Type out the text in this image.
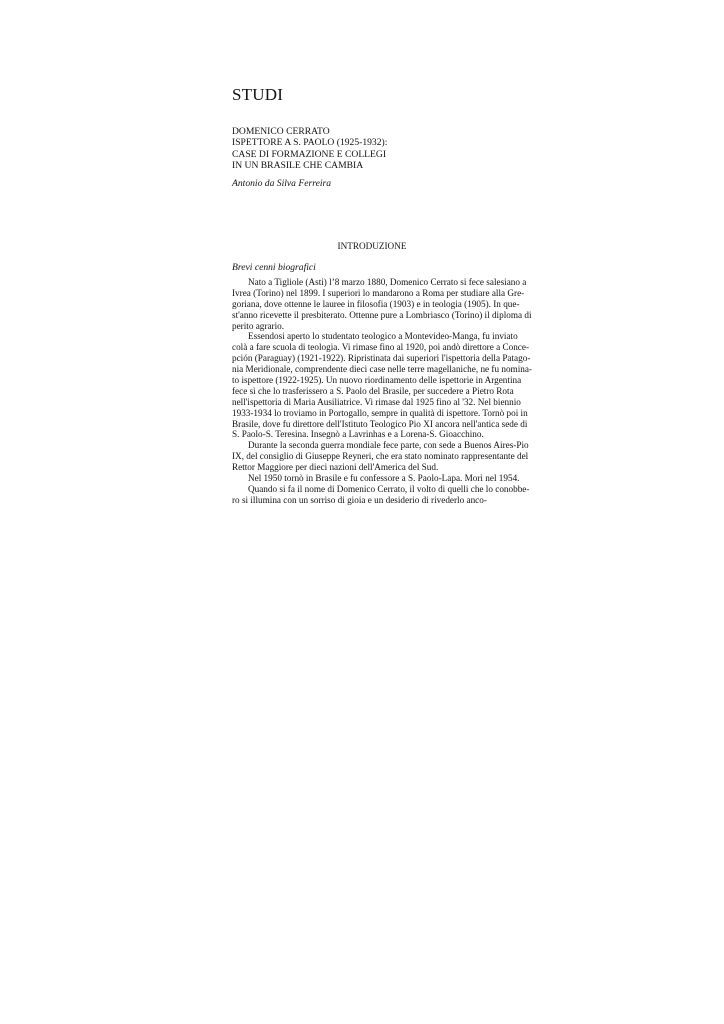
STUDI
DOMENICO CERRATO
ISPETTORE A S. PAOLO (1925-1932):
CASE DI FORMAZIONE E COLLEGI
IN UN BRASILE CHE CAMBIA

Antonio da Silva Ferreira

INTRODUZIONE

Brevi cenni biografici

Nato a Tigliole (Asti) l’8 marzo 1880, Domenico Cerrato si fece salesiano a
Ivrea (Torino) nel 1899. I superiori lo mandarono a Roma per studiare alla Gre-
goriana, dove ottenne le lauree in filosofia (1903) e in teologia (1905). In que-
st'anno ricevette il presbiterato. Ottenne pure a Lombriasco (Torino) il diploma di
perito agrario.

Essendosi aperto lo studentato teologico a Montevideo-Manga, fu inviato
colà a fare scuola di teologia. Vi rimase fino al 1920, poi andò direttore a Conce-
pción (Paraguay) (1921-1922). Ripristinata dai superiori l'ispettoria della Patago-
nia Meridionale, comprendente dieci case nelle terre magellaniche, ne fu nomina-
to ispettore (1922-1925). Un nuovo riordinamento delle ispettorie in Argentina
fece sì che lo trasferissero a S. Paolo del Brasile, per succedere a Pietro Rota
nell'ispettoria di Maria Ausiliatrice. Vi rimase dal 1925 fino al '32. Nel biennio
1933-1934 lo troviamo in Portogallo, sempre in qualità di ispettore. Tornò poi in
Brasile, dove fu direttore dell'Istituto Teologico Pio XI ancora nell'antica sede di
S. Paolo-S. Teresina. Insegnò a Lavrinhas e a Lorena-S. Gioacchino.

Durante la seconda guerra mondiale fece parte, con sede a Buenos Aires-Pio
IX, del consiglio di Giuseppe Reyneri, che era stato nominato rappresentante del
Rettor Maggiore per dieci nazioni dell'America del Sud.

Nel 1950 tornò in Brasile e fu confessore a S. Paolo-Lapa. Morì nel 1954.

Quando si fa il nome di Domenico Cerrato, il volto di quelli che lo conobbe-
ro si illumina con un sorriso di gioia e un desiderio di rivederlo anco-
